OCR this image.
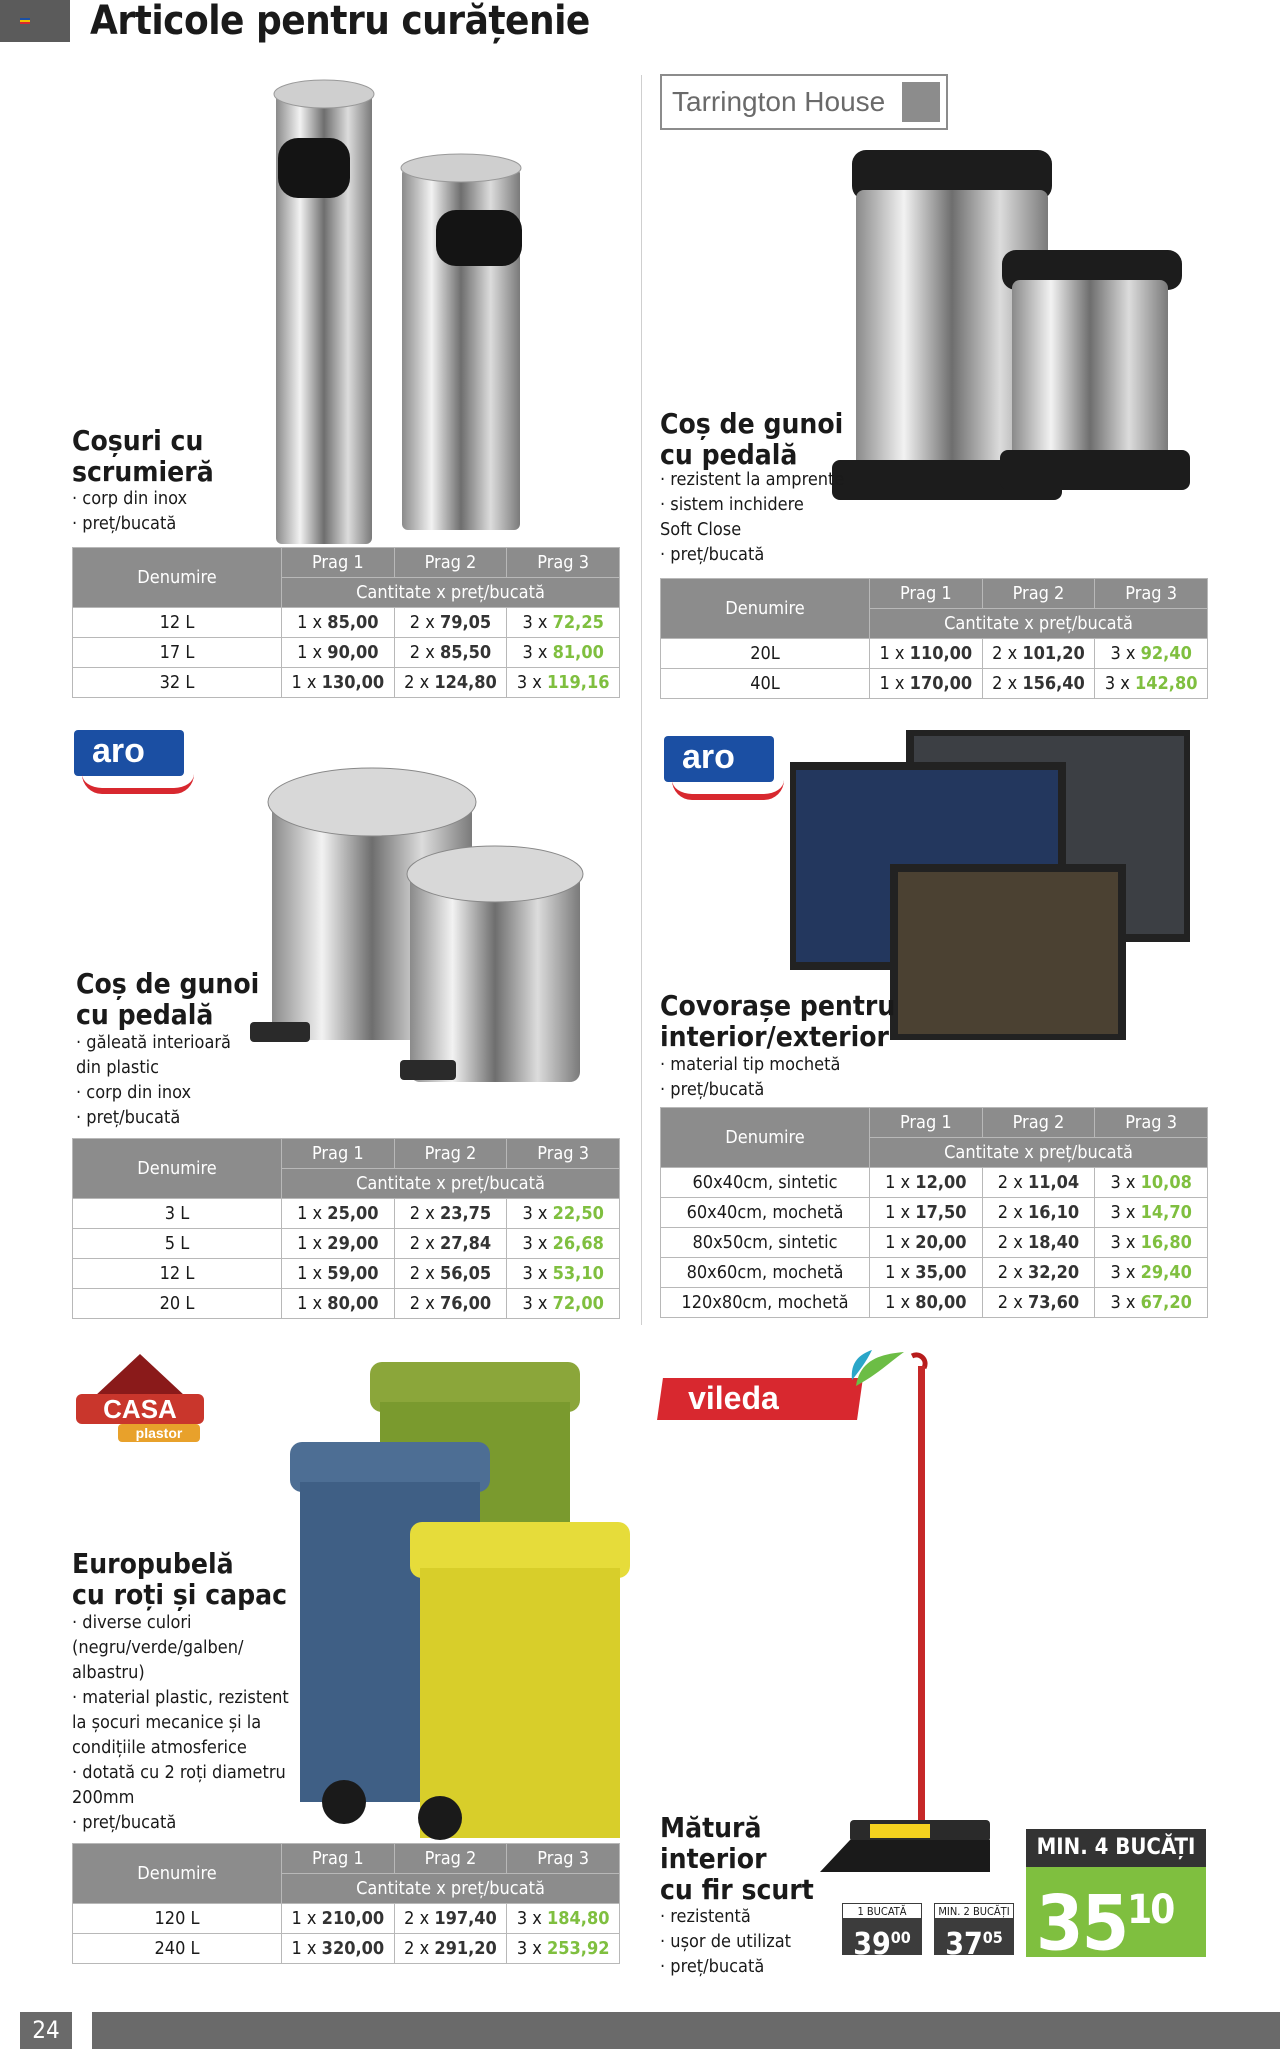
Articole pentru curățenie
Coșuri cu
scrumieră
· corp din inox
· preț/bucată
Denumire	Prag 1	Prag 2	Prag 3
	Cantitate x preț/bucată		
12 L	1 x 85,00	2 x 79,05	3 x 72,25
17 L	1 x 90,00	2 x 85,50	3 x 81,00
32 L	1 x 130,00	2 x 124,80	3 x 119,16
Tarrington House
Coș de gunoi
cu pedală
· rezistent la amprente
· sistem inchidere
Soft Close
· preț/bucată
Denumire	Prag 1	Prag 2	Prag 3
	Cantitate x preț/bucată		
20L	1 x 110,00	2 x 101,20	3 x 92,40
40L	1 x 170,00	2 x 156,40	3 x 142,80
aro
Coș de gunoi
cu pedală
· găleată interioară
din plastic
· corp din inox
· preț/bucată
Denumire	Prag 1	Prag 2	Prag 3
	Cantitate x preț/bucată		
3 L	1 x 25,00	2 x 23,75	3 x 22,50
5 L	1 x 29,00	2 x 27,84	3 x 26,68
12 L	1 x 59,00	2 x 56,05	3 x 53,10
20 L	1 x 80,00	2 x 76,00	3 x 72,00
aro
Covorașe pentru
interior/exterior
· material tip mochetă
· preț/bucată
Denumire	Prag 1	Prag 2	Prag 3
	Cantitate x preț/bucată		
60x40cm, sintetic	1 x 12,00	2 x 11,04	3 x 10,08
60x40cm, mochetă	1 x 17,50	2 x 16,10	3 x 14,70
80x50cm, sintetic	1 x 20,00	2 x 18,40	3 x 16,80
80x60cm, mochetă	1 x 35,00	2 x 32,20	3 x 29,40
120x80cm, mochetă	1 x 80,00	2 x 73,60	3 x 67,20
CASA
plastor
Europubelă
cu roți și capac
· diverse culori
(negru/verde/galben/
albastru)
· material plastic, rezistent
la șocuri mecanice și la
condițiile atmosferice
· dotată cu 2 roți diametru
200mm
· preț/bucată
Denumire	Prag 1	Prag 2	Prag 3
	Cantitate x preț/bucată		
120 L	1 x 210,00	2 x 197,40	3 x 184,80
240 L	1 x 320,00	2 x 291,20	3 x 253,92
vileda
Mătură
interior
cu fir scurt
· rezistentă
· ușor de utilizat
· preț/bucată
1 BUCATĂ
$39^{00}$
MIN. 2 BUCĂȚI
$37^{05}$
MIN. 4 BUCĂȚI
$35^{10}$
24
